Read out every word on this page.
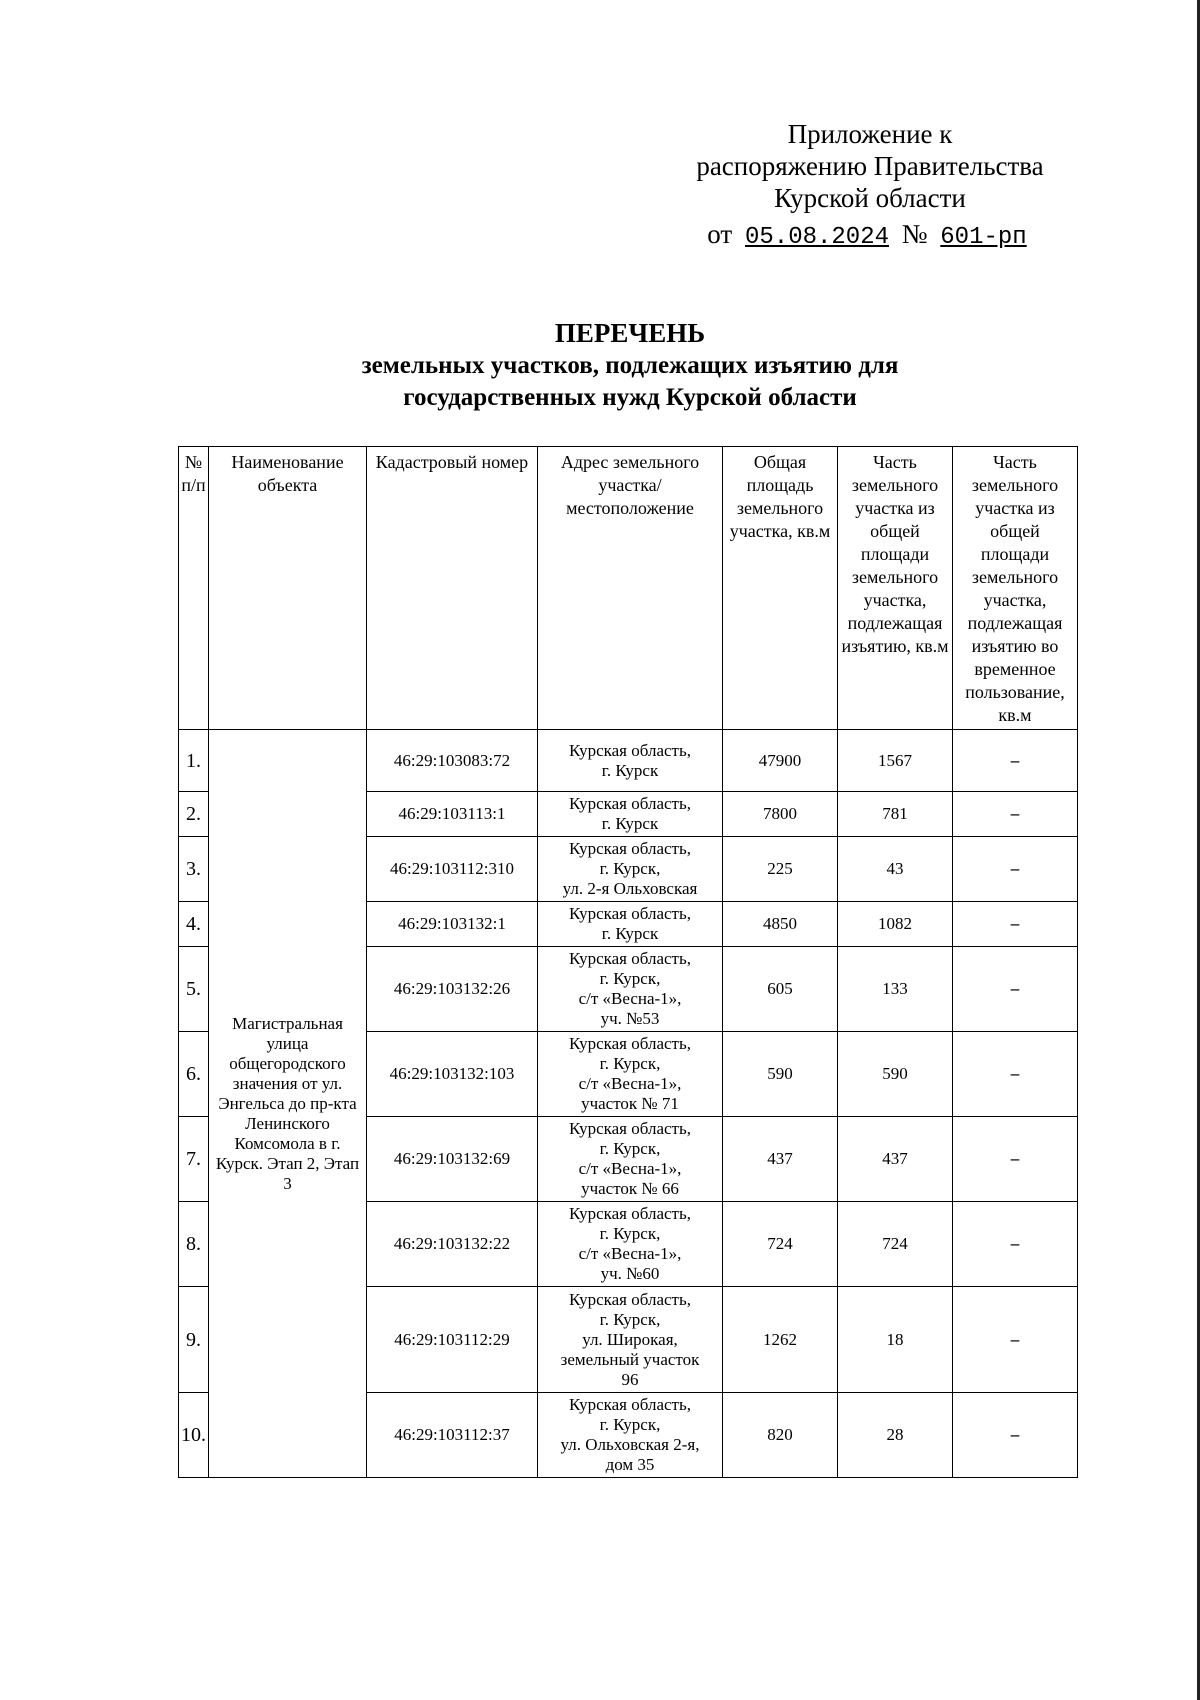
Приложение к
распоряжению Правительства
Курской области
от 05.08.2024 № 601-рп
ПЕРЕЧЕНЬ
земельных участков, подлежащих изъятию для
государственных нужд Курской области
№ п/п	Наименование объекта	Кадастровый номер	Адрес земельного участка/ местоположение	Общая площадь земельного участка, кв.м	Часть земельного участка из общей площади земельного участка, подлежащая изъятию, кв.м	Часть земельного участка из общей площади земельного участка, подлежащая изъятию во временное пользование, кв.м
1.	Магистральная улица общегородского значения от ул. Энгельса до пр-кта Ленинского Комсомола в г. Курск. Этап 2, Этап 3	46:29:103083:72	Курская область,
г. Курск	47900	1567	–
2.		46:29:103113:1	Курская область,
г. Курск	7800	781	–
3.		46:29:103112:310	Курская область,
г. Курск,
ул. 2-я Ольховская	225	43	–
4.		46:29:103132:1	Курская область,
г. Курск	4850	1082	–
5.		46:29:103132:26	Курская область,
г. Курск,
с/т «Весна-1»,
уч. №53	605	133	–
6.		46:29:103132:103	Курская область,
г. Курск,
с/т «Весна-1»,
участок № 71	590	590	–
7.		46:29:103132:69	Курская область,
г. Курск,
с/т «Весна-1»,
участок № 66	437	437	–
8.		46:29:103132:22	Курская область,
г. Курск,
с/т «Весна-1»,
уч. №60	724	724	–
9.		46:29:103112:29	Курская область,
г. Курск,
ул. Широкая,
земельный участок
96	1262	18	–
10.		46:29:103112:37	Курская область,
г. Курск,
ул. Ольховская 2-я,
дом 35	820	28	–
